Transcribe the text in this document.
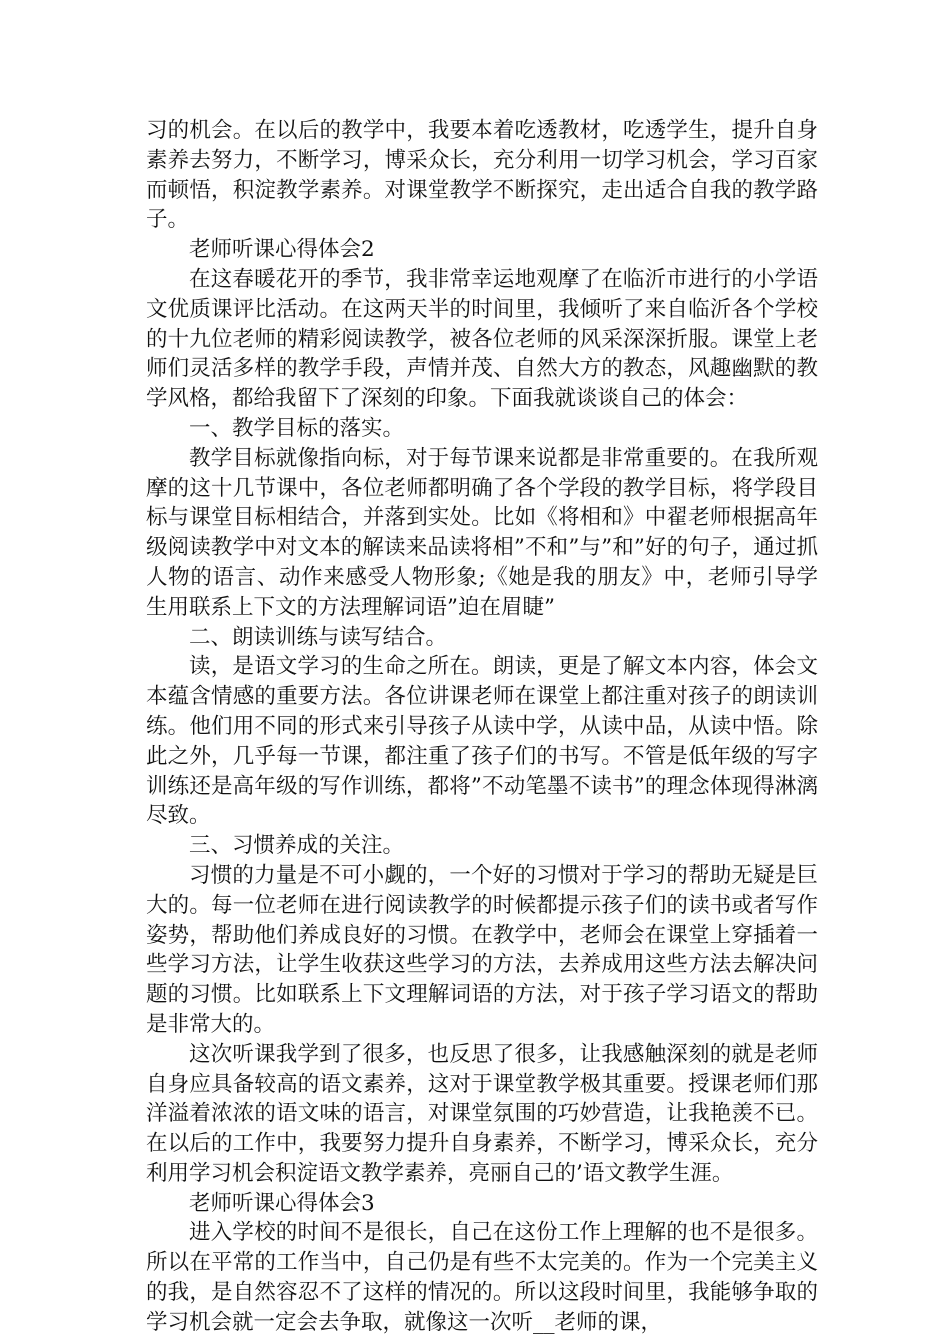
习的机会。在以后的教学中，我要本着吃透教材，吃透学生，提升自身素养去努力，不断学习，博采众长，充分利用一切学习机会，学习百家而顿悟，积淀教学素养。对课堂教学不断探究，走出适合自我的教学路子。

老师听课心得体会2

在这春暖花开的季节，我非常幸运地观摩了在临沂市进行的小学语文优质课评比活动。在这两天半的时间里，我倾听了来自临沂各个学校的十九位老师的精彩阅读教学，被各位老师的风采深深折服。课堂上老师们灵活多样的教学手段，声情并茂、自然大方的教态，风趣幽默的教学风格，都给我留下了深刻的印象。下面我就谈谈自己的体会：

一、教学目标的落实。

教学目标就像指向标，对于每节课来说都是非常重要的。在我所观摩的这十几节课中，各位老师都明确了各个学段的教学目标，将学段目标与课堂目标相结合，并落到实处。比如《将相和》中翟老师根据高年级阅读教学中对文本的解读来品读将相”不和”与”和”好的句子，通过抓人物的语言、动作来感受人物形象;《她是我的朋友》中，老师引导学生用联系上下文的方法理解词语”迫在眉睫”

二、朗读训练与读写结合。

读，是语文学习的生命之所在。朗读，更是了解文本内容，体会文本蕴含情感的重要方法。各位讲课老师在课堂上都注重对孩子的朗读训练。他们用不同的形式来引导孩子从读中学，从读中品，从读中悟。除此之外，几乎每一节课，都注重了孩子们的书写。不管是低年级的写字训练还是高年级的写作训练，都将”不动笔墨不读书”的理念体现得淋漓尽致。

三、习惯养成的关注。

习惯的力量是不可小觑的，一个好的习惯对于学习的帮助无疑是巨大的。每一位老师在进行阅读教学的时候都提示孩子们的读书或者写作姿势，帮助他们养成良好的习惯。在教学中，老师会在课堂上穿插着一些学习方法，让学生收获这些学习的方法，去养成用这些方法去解决问题的习惯。比如联系上下文理解词语的方法，对于孩子学习语文的帮助是非常大的。

这次听课我学到了很多，也反思了很多，让我感触深刻的就是老师自身应具备较高的语文素养，这对于课堂教学极其重要。授课老师们那洋溢着浓浓的语文味的语言，对课堂氛围的巧妙营造，让我艳羡不已。在以后的工作中，我要努力提升自身素养，不断学习，博采众长，充分利用学习机会积淀语文教学素养，亮丽自己的’语文教学生涯。

老师听课心得体会3

进入学校的时间不是很长，自己在这份工作上理解的也不是很多。所以在平常的工作当中，自己仍是有些不太完美的。作为一个完美主义的我，是自然容忍不了这样的情况的。所以这段时间里，我能够争取的学习机会就一定会去争取，就像这一次听__老师的课，
